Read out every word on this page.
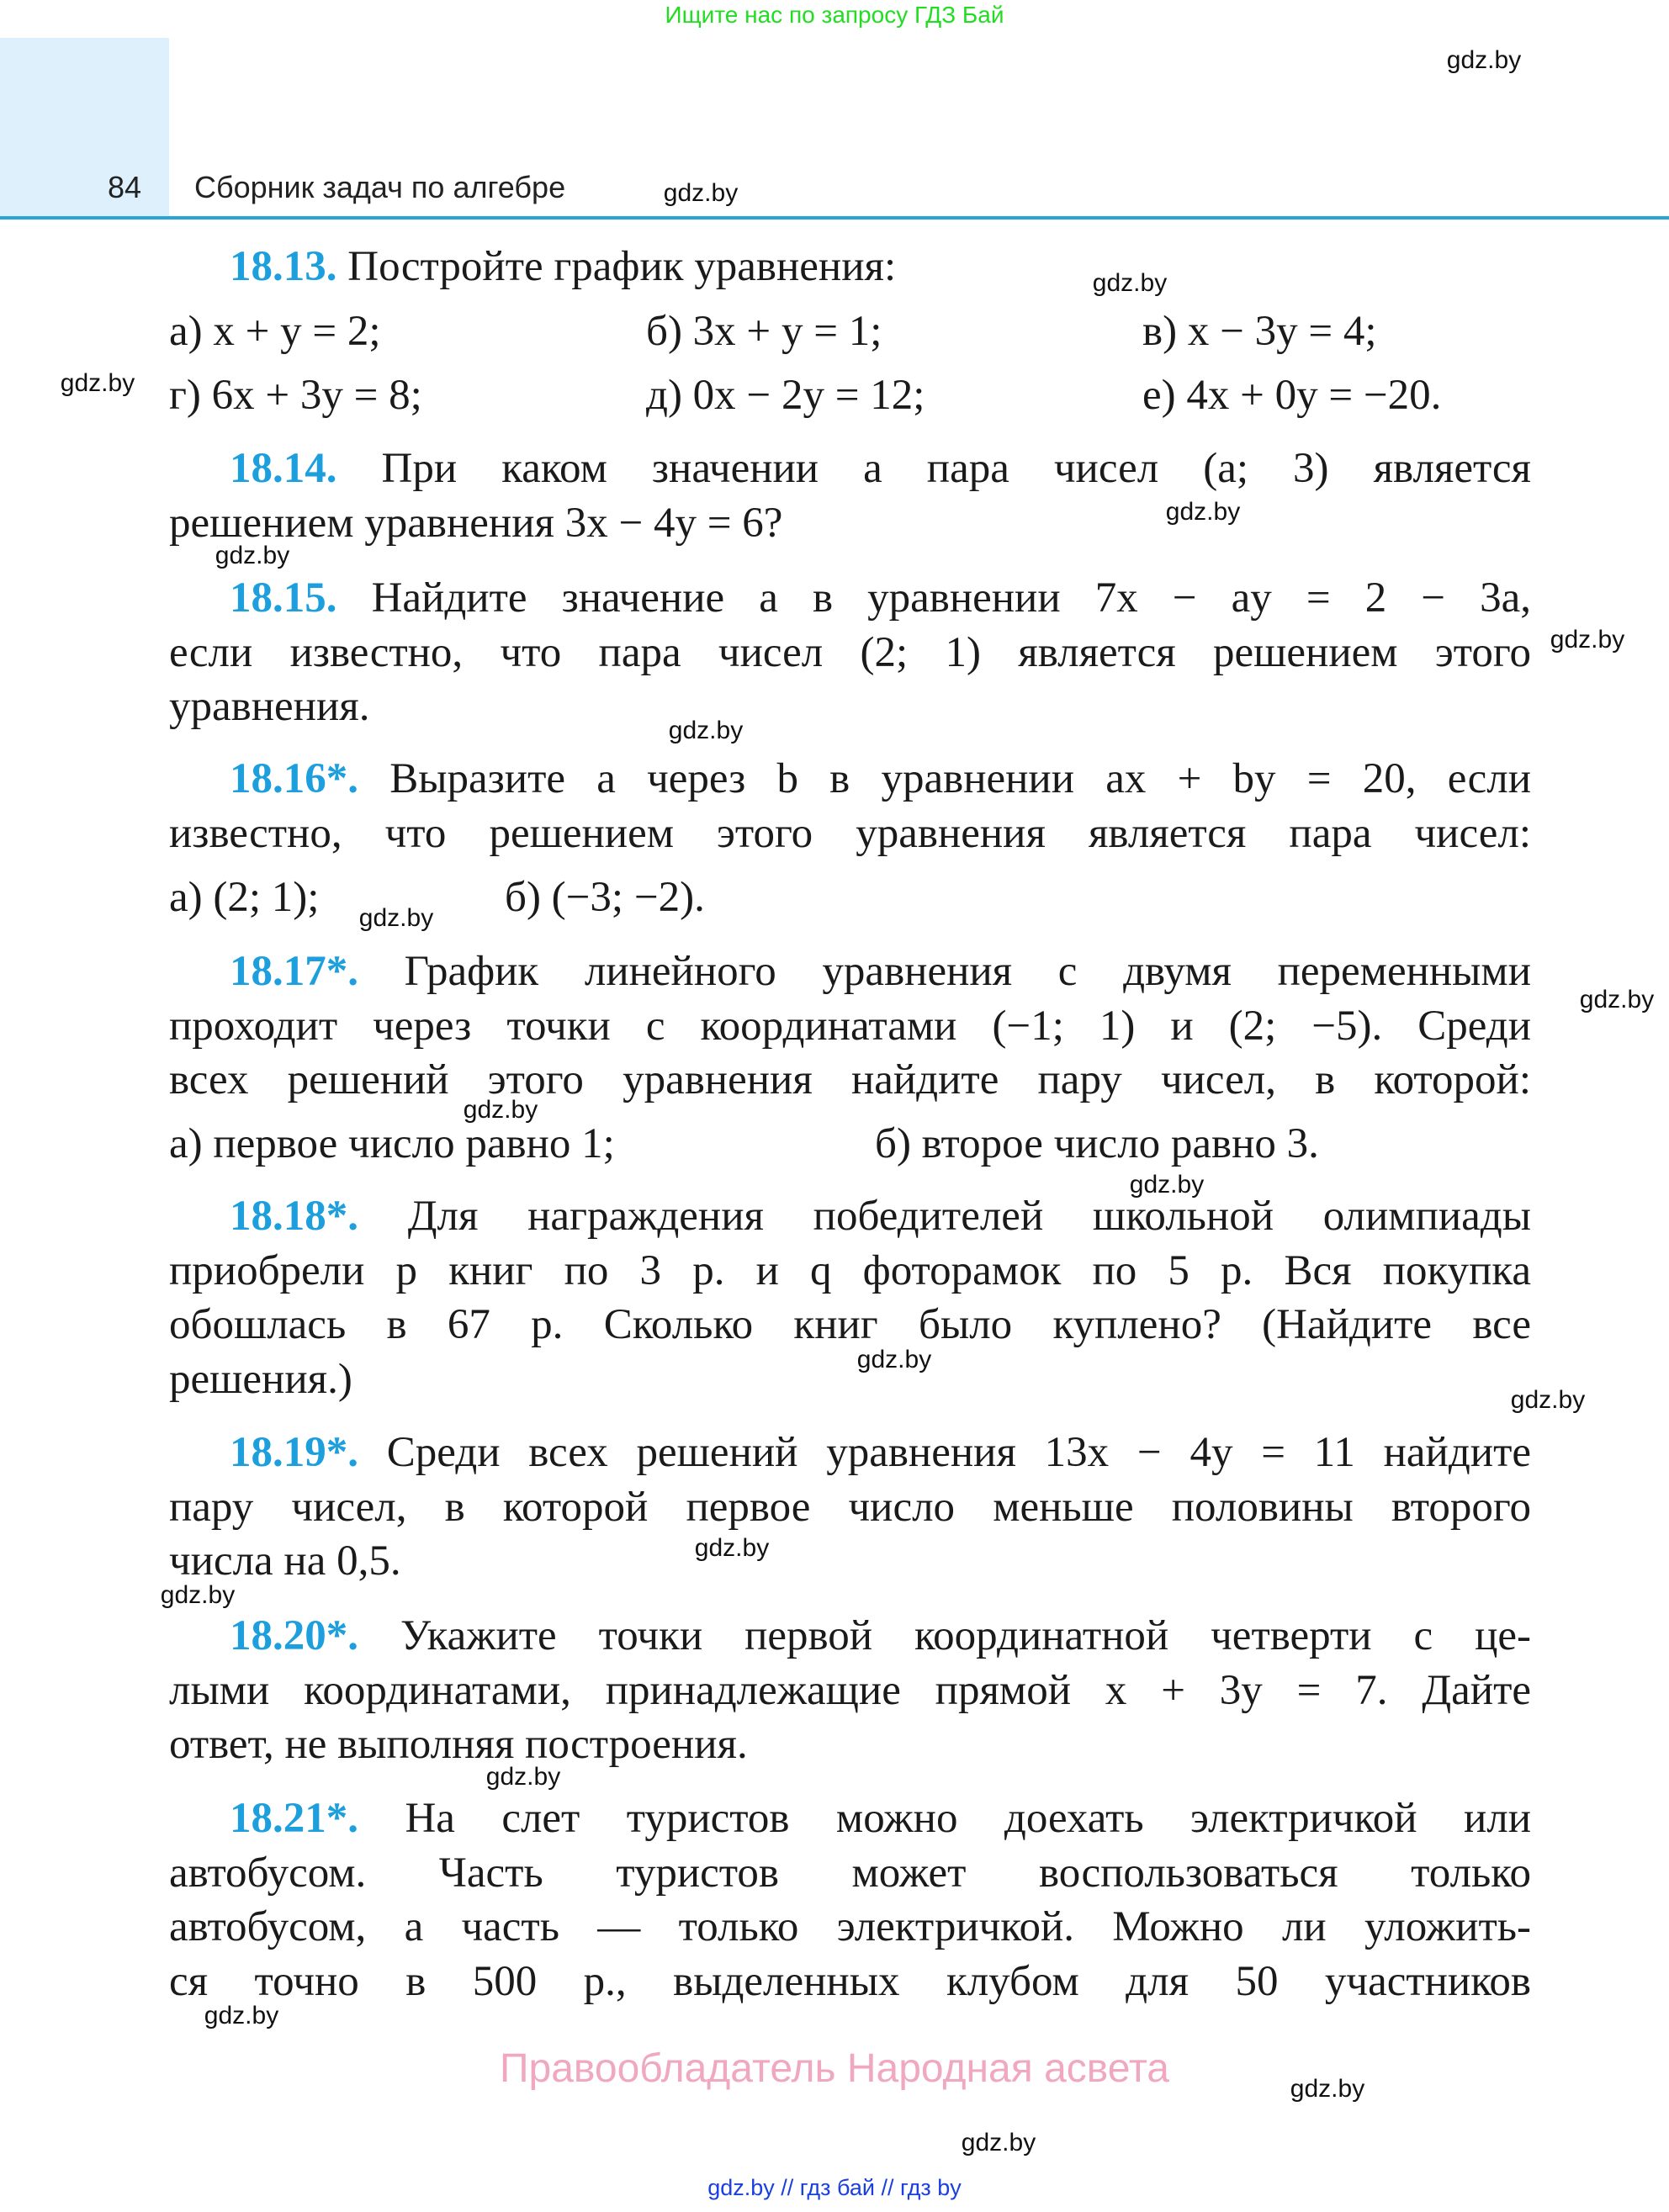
Ищите нас по запросу ГДЗ Бай
84 Сборник задач по алгебре
18.13. Постройте график уравнения:
а) x + y = 2;	б) 3x + y = 1;	в) x − 3y = 4;
г) 6x + 3y = 8;	д) 0x − 2y = 12;	е) 4x + 0y = −20.
18.14. При каком значении a пара чисел (a; 3) является
решением уравнения 3x − 4y = 6?
18.15. Найдите значение a в уравнении 7x − ay = 2 − 3a,
если известно, что пара чисел (2; 1) является решением этого
уравнения.
18.16*. Выразите a через b в уравнении ax + by = 20, если
известно, что решением этого уравнения является пара чисел:
а) (2; 1);	б) (−3; −2).
18.17*. График линейного уравнения с двумя переменными
проходит через точки с координатами (−1; 1) и (2; −5). Среди
всех решений этого уравнения найдите пару чисел, в которой:
а) первое число равно 1;	б) второе число равно 3.
18.18*. Для награждения победителей школьной олимпиады
приобрели p книг по 3 р. и q фоторамок по 5 р. Вся покупка
обошлась в 67 р. Сколько книг было куплено? (Найдите все
решения.)
18.19*. Среди всех решений уравнения 13x − 4y = 11 найдите
пару чисел, в которой первое число меньше половины второго
числа на 0,5.
18.20*. Укажите точки первой координатной четверти с це-
лыми координатами, принадлежащие прямой x + 3y = 7. Дайте
ответ, не выполняя построения.
18.21*. На слет туристов можно доехать электричкой или
автобусом. Часть туристов может воспользоваться только
автобусом, а часть — только электричкой. Можно ли уложить-
ся точно в 500 р., выделенных клубом для 50 участников
gdz.by
gdz.by
gdz.by
gdz.by
gdz.by
gdz.by
gdz.by
gdz.by
gdz.by
gdz.by
gdz.by
gdz.by
gdz.by
gdz.by
gdz.by
gdz.by
gdz.by
gdz.by
gdz.by
gdz.by
Правообладатель Народная асвета
gdz.by // гдз бай // гдз by
